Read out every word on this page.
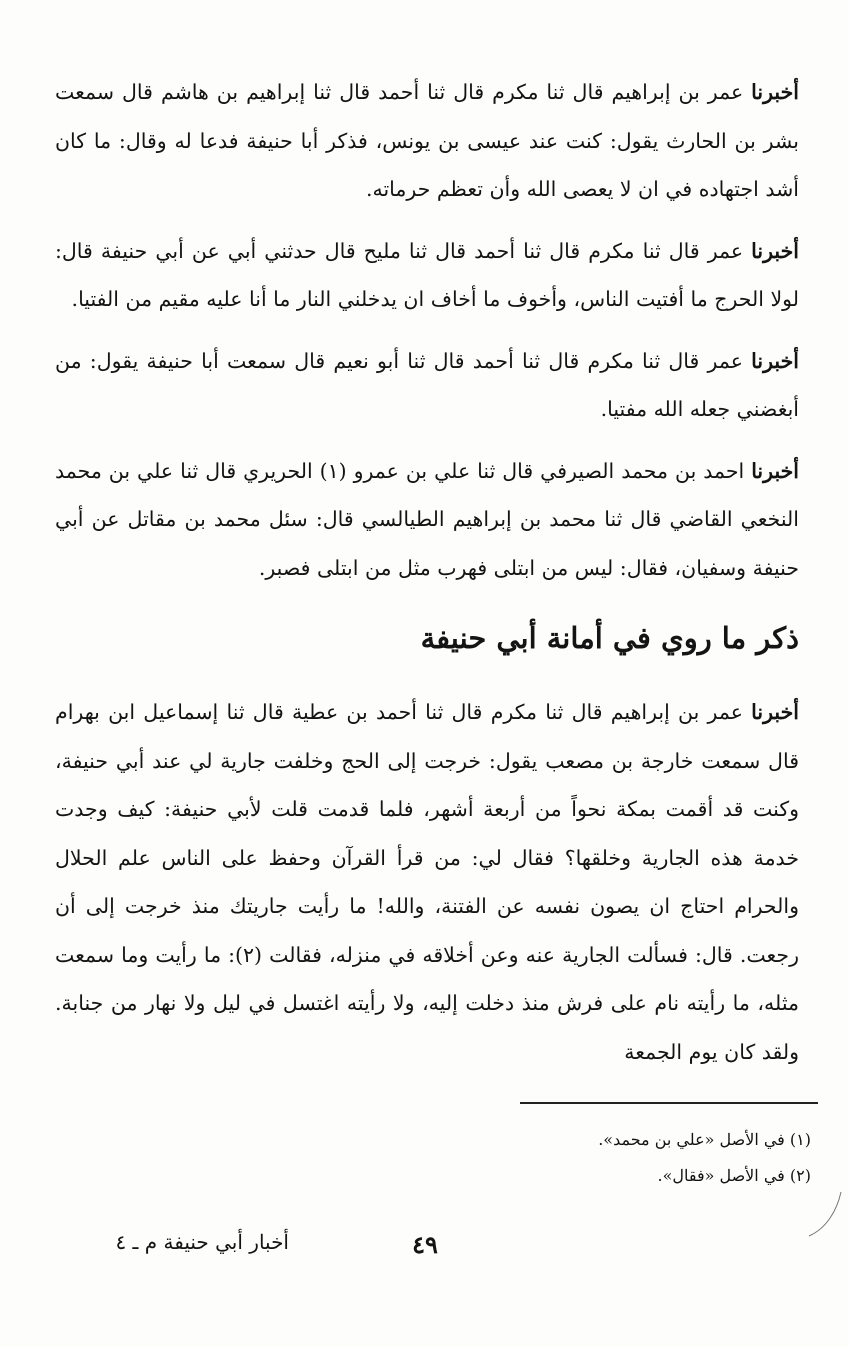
أخبرنا عمر بن إبراهيم قال ثنا مكرم قال ثنا أحمد قال ثنا إبراهيم بن هاشم قال سمعت بشر بن الحارث يقول: كنت عند عيسى بن يونس، فذكر أبا حنيفة فدعا له وقال: ما كان أشد اجتهاده في ان لا يعصى الله وأن تعظم حرماته.

أخبرنا عمر قال ثنا مكرم قال ثنا أحمد قال ثنا مليح قال حدثني أبي عن أبي حنيفة قال: لولا الحرج ما أفتيت الناس، وأخوف ما أخاف ان يدخلني النار ما أنا عليه مقيم من الفتيا.

أخبرنا عمر قال ثنا مكرم قال ثنا أحمد قال ثنا أبو نعيم قال سمعت أبا حنيفة يقول: من أبغضني جعله الله مفتيا.

أخبرنا احمد بن محمد الصيرفي قال ثنا علي بن عمرو (١) الحريري قال ثنا علي بن محمد النخعي القاضي قال ثنا محمد بن إبراهيم الطيالسي قال: سئل محمد بن مقاتل عن أبي حنيفة وسفيان، فقال: ليس من ابتلى فهرب مثل من ابتلى فصبر.

ذكر ما روي في أمانة أبي حنيفة

أخبرنا عمر بن إبراهيم قال ثنا مكرم قال ثنا أحمد بن عطية قال ثنا إسماعيل ابن بهرام قال سمعت خارجة بن مصعب يقول: خرجت إلى الحج وخلفت جارية لي عند أبي حنيفة، وكنت قد أقمت بمكة نحواً من أربعة أشهر، فلما قدمت قلت لأبي حنيفة: كيف وجدت خدمة هذه الجارية وخلقها؟ فقال لي: من قرأ القرآن وحفظ على الناس علم الحلال والحرام احتاج ان يصون نفسه عن الفتنة، والله! ما رأيت جاريتك منذ خرجت إلى أن رجعت. قال: فسألت الجارية عنه وعن أخلاقه في منزله، فقالت (٢): ما رأيت وما سمعت مثله، ما رأيته نام على فرش منذ دخلت إليه، ولا رأيته اغتسل في ليل ولا نهار من جنابة. ولقد كان يوم الجمعة

(١) في الأصل «علي بن محمد».

(٢) في الأصل «فقال».

أخبار أبي حنيفة م ـ ٤	٤٩
